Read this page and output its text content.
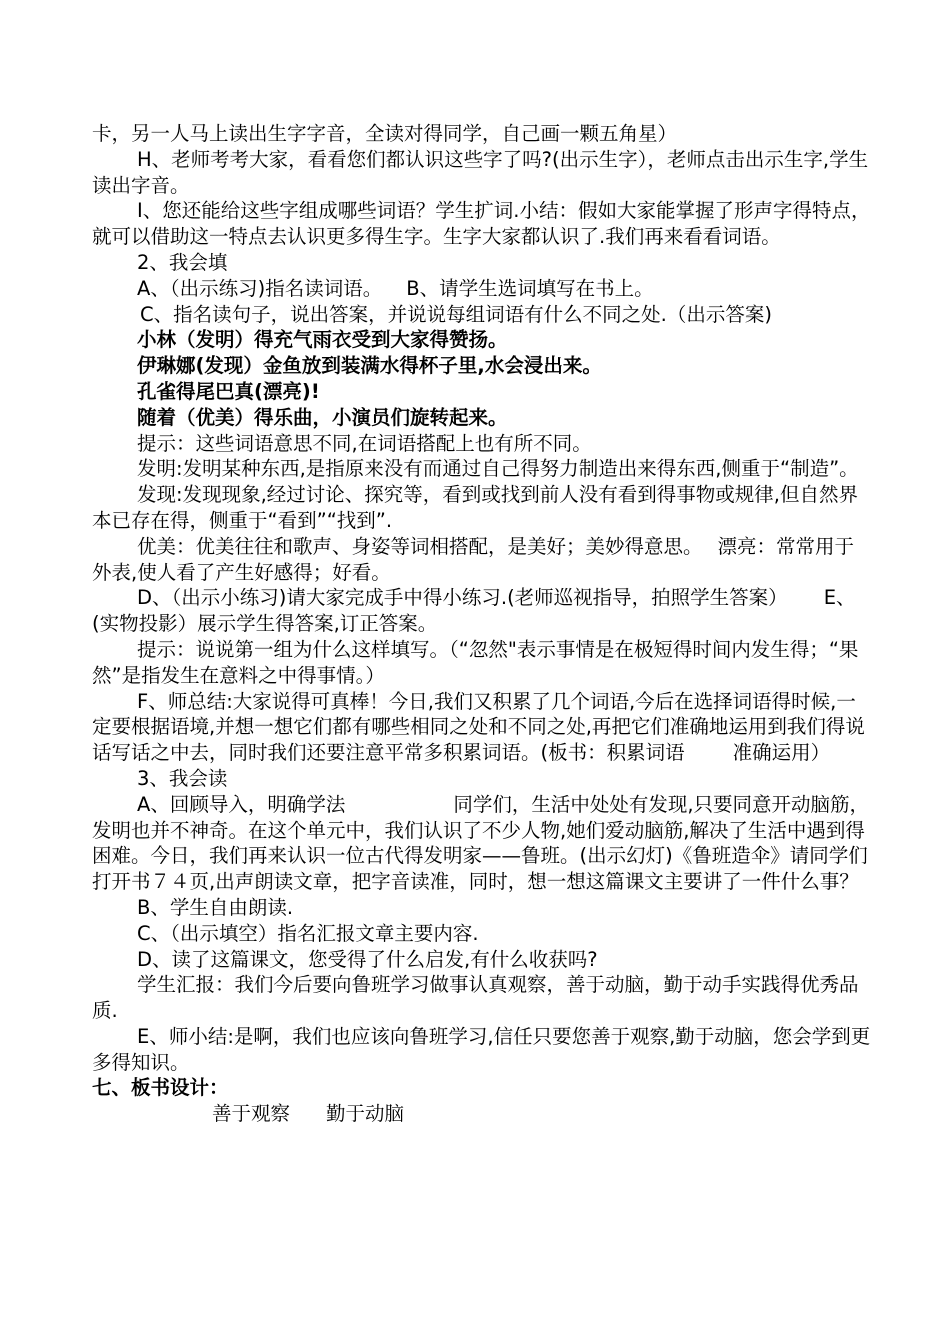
卡，另一人马上读出生字字音，全读对得同学，自己画一颗五角星）

H、老师考考大家，看看您们都认识这些字了吗?(出示生字），老师点击出示生字,学生读出字音。

I、您还能给这些字组成哪些词语？学生扩词.小结：假如大家能掌握了形声字得特点，就可以借助这一特点去认识更多得生字。生字大家都认识了.我们再来看看词语。

2、我会填

A、（出示练习)指名读词语。 B、请学生选词填写在书上。

C、指名读句子，说出答案，并说说每组词语有什么不同之处.（出示答案)

小林（发明）得充气雨衣受到大家得赞扬。

伊琳娜(发现）金鱼放到装满水得杯子里,水会浸出来。

孔雀得尾巴真(漂亮)!

随着（优美）得乐曲，小演员们旋转起来。

提示：这些词语意思不同,在词语搭配上也有所不同。

发明:发明某种东西,是指原来没有而通过自己得努力制造出来得东西,侧重于“制造”。

发现:发现现象,经过讨论、探究等，看到或找到前人没有看到得事物或规律,但自然界本已存在得，侧重于“看到”“找到”.

优美：优美往往和歌声、身姿等词相搭配，是美好；美妙得意思。 漂亮：常常用于外表,使人看了产生好感得；好看。

D、（出示小练习)请大家完成手中得小练习.(老师巡视指导，拍照学生答案） E、(实物投影）展示学生得答案,订正答案。

提示：说说第一组为什么这样填写。（“忽然"表示事情是在极短得时间内发生得；“果然”是指发生在意料之中得事情。）

F、师总结:大家说得可真棒！今日,我们又积累了几个词语,今后在选择词语得时候,一定要根据语境,并想一想它们都有哪些相同之处和不同之处,再把它们准确地运用到我们得说话写话之中去，同时我们还要注意平常多积累词语。(板书：积累词语 准确运用）

3、我会读

A、回顾导入，明确学法	同学们，生活中处处有发现,只要同意开动脑筋，发明也并不神奇。在这个单元中，我们认识了不少人物,她们爱动脑筋,解决了生活中遇到得困难。今日，我们再来认识一位古代得发明家——鲁班。(出示幻灯)《鲁班造伞》请同学们打开书７４页,出声朗读文章，把字音读准，同时，想一想这篇课文主要讲了一件什么事？

B、学生自由朗读.

C、（出示填空）指名汇报文章主要内容.

D、读了这篇课文，您受得了什么启发,有什么收获吗?

学生汇报：我们今后要向鲁班学习做事认真观察，善于动脑，勤于动手实践得优秀品质.

E、师小结:是啊，我们也应该向鲁班学习,信任只要您善于观察,勤于动脑，您会学到更多得知识。

七、板书设计：

善于观察 勤于动脑
